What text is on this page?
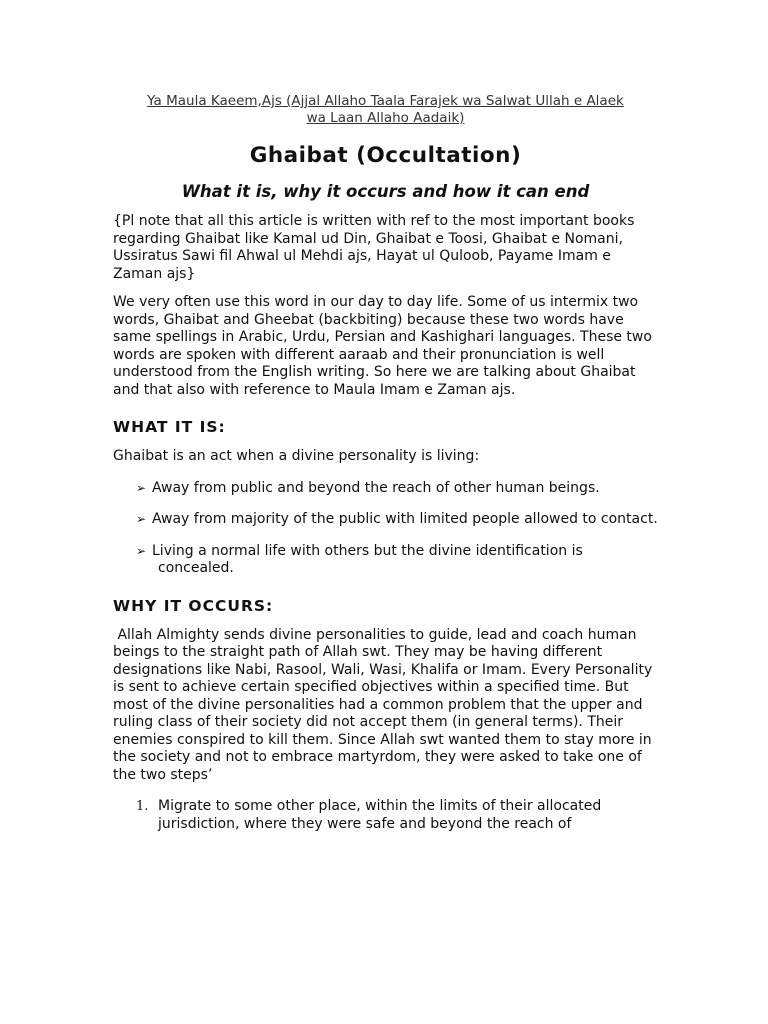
Ya Maula Kaeem,Ajs (Ajjal Allaho Taala Farajek wa Salwat Ullah e Alaek
wa Laan Allaho Aadaik)
Ghaibat (Occultation)
What it is, why it occurs and how it can end

{Pl note that all this article is written with ref to the most important books regarding Ghaibat like Kamal ud Din, Ghaibat e Toosi, Ghaibat e Nomani, Ussiratus Sawi fil Ahwal ul Mehdi ajs, Hayat ul Quloob, Payame Imam e Zaman ajs}

We very often use this word in our day to day life. Some of us intermix two words, Ghaibat and Gheebat (backbiting) because these two words have same spellings in Arabic, Urdu, Persian and Kashighari languages. These two words are spoken with different aaraab and their pronunciation is well understood from the English writing. So here we are talking about Ghaibat and that also with reference to Maula Imam e Zaman ajs.

WHAT IT IS:

Ghaibat is an act when a divine personality is living:

➢ Away from public and beyond the reach of other human beings.
➢ Away from majority of the public with limited people allowed to contact.
➢ Living a normal life with others but the divine identification is concealed.
WHY IT OCCURS:

Allah Almighty sends divine personalities to guide, lead and coach human beings to the straight path of Allah swt. They may be having different designations like Nabi, Rasool, Wali, Wasi, Khalifa or Imam. Every Personality is sent to achieve certain specified objectives within a specified time. But most of the divine personalities had a common problem that the upper and ruling class of their society did not accept them (in general terms). Their enemies conspired to kill them. Since Allah swt wanted them to stay more in the society and not to embrace martyrdom, they were asked to take one of the two steps’

1. Migrate to some other place, within the limits of their allocated jurisdiction, where they were safe and beyond the reach of
